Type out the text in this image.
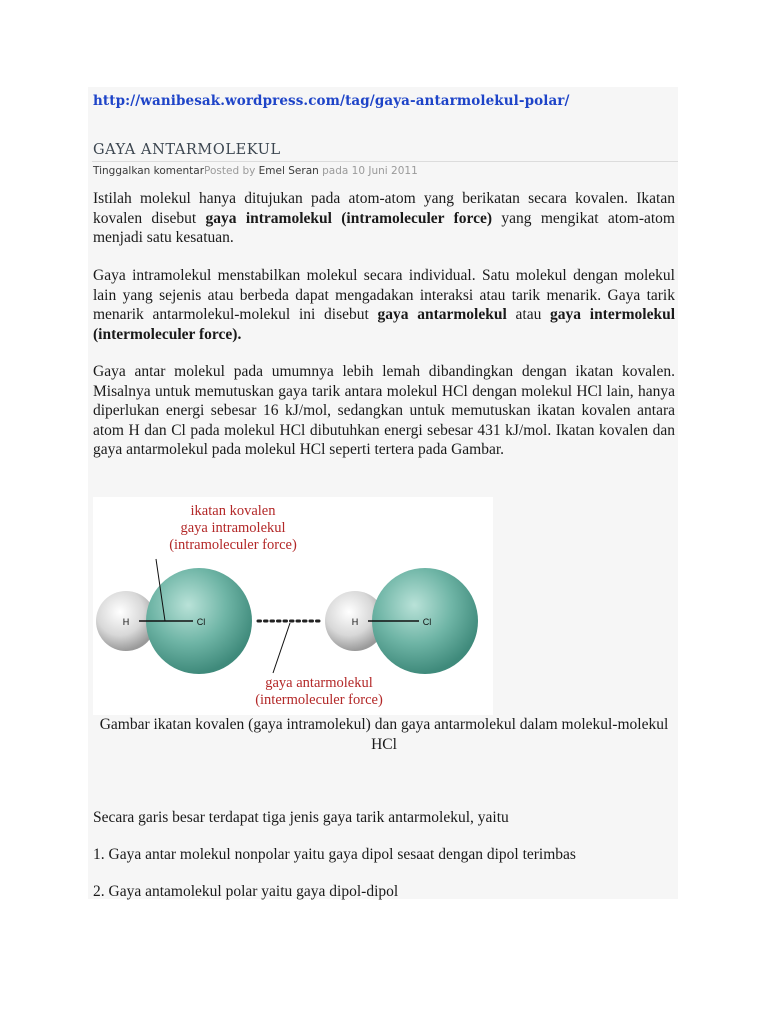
http://wanibesak.wordpress.com/tag/gaya-antarmolekul-polar/
GAYA ANTARMOLEKUL
Tinggalkan komentarPosted by Emel Seran pada 10 Juni 2011

Istilah molekul hanya ditujukan pada atom-atom yang berikatan secara kovalen. Ikatan kovalen disebut gaya intramolekul (intramoleculer force) yang mengikat atom-atom menjadi satu kesatuan.

Gaya intramolekul menstabilkan molekul secara individual. Satu molekul dengan molekul lain yang sejenis atau berbeda dapat mengadakan interaksi atau tarik menarik. Gaya tarik menarik antarmolekul-molekul ini disebut gaya antarmolekul atau gaya intermolekul (intermoleculer force).

Gaya antar molekul pada umumnya lebih lemah dibandingkan dengan ikatan kovalen. Misalnya untuk memutuskan gaya tarik antara molekul HCl dengan molekul HCl lain, hanya diperlukan energi sebesar 16 kJ/mol, sedangkan untuk memutuskan ikatan kovalen antara atom H dan Cl pada molekul HCl dibutuhkan energi sebesar 431 kJ/mol. Ikatan kovalen dan gaya antarmolekul pada molekul HCl seperti tertera pada Gambar.

H	Cl	H	Cl
ikatan kovalen
gaya intramolekul
(intramoleculer force)
gaya antarmolekul
(intermoleculer force)
Gambar ikatan kovalen (gaya intramolekul) dan gaya antarmolekul dalam molekul-molekul HCl
Secara garis besar terdapat tiga jenis gaya tarik antarmolekul, yaitu
1. Gaya antar molekul nonpolar yaitu gaya dipol sesaat dengan dipol terimbas
2. Gaya antamolekul polar yaitu gaya dipol-dipol
